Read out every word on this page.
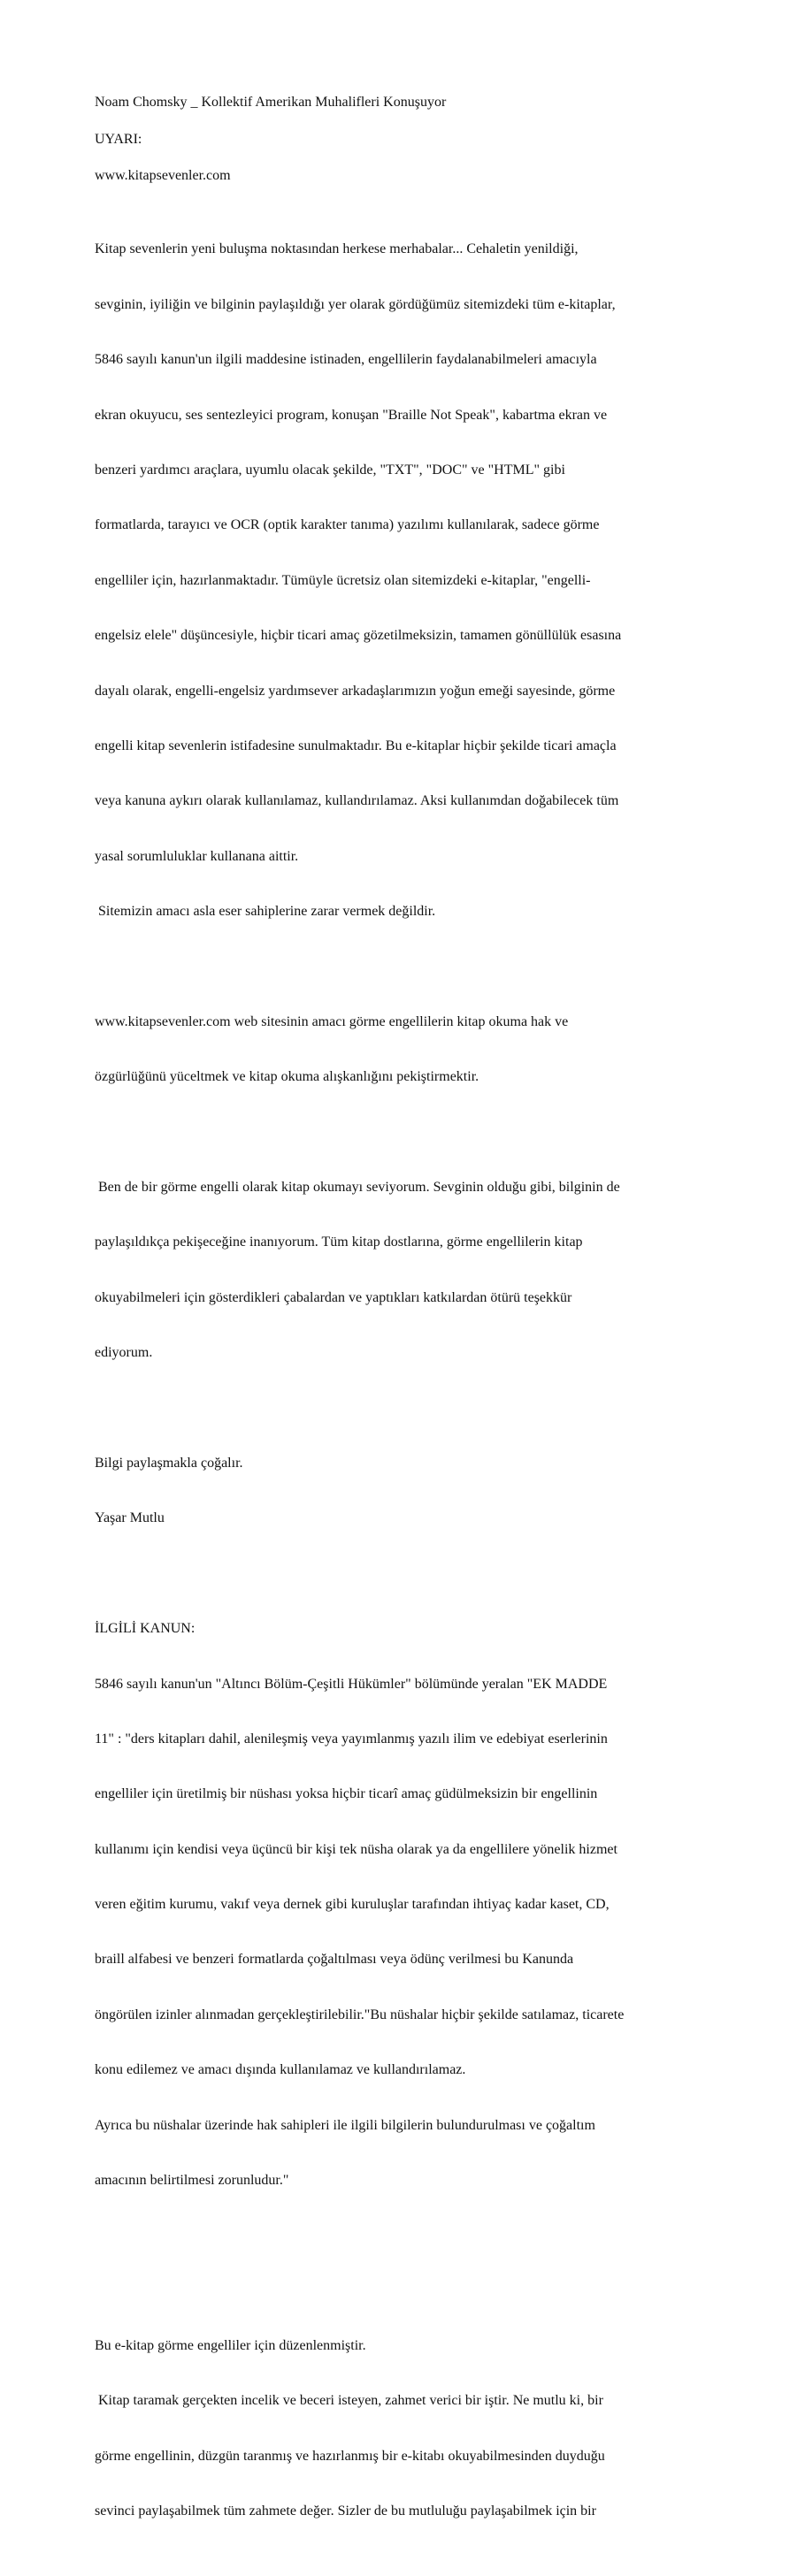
Noam Chomsky _ Kollektif Amerikan Muhalifleri Konuşuyor

UYARI:

www.kitapsevenler.com

Kitap sevenlerin yeni buluşma noktasından herkese merhabalar... Cehaletin yenildiği,

sevginin, iyiliğin ve bilginin paylaşıldığı yer olarak gördüğümüz sitemizdeki tüm e-kitaplar,

5846 sayılı kanun'un ilgili maddesine istinaden, engellilerin faydalanabilmeleri amacıyla

ekran okuyucu, ses sentezleyici program, konuşan "Braille Not Speak", kabartma ekran ve

benzeri yardımcı araçlara, uyumlu olacak şekilde, "TXT", "DOC" ve "HTML" gibi

formatlarda, tarayıcı ve OCR (optik karakter tanıma) yazılımı kullanılarak, sadece görme

engelliler için, hazırlanmaktadır. Tümüyle ücretsiz olan sitemizdeki e-kitaplar, "engelli-

engelsiz elele" düşüncesiyle, hiçbir ticari amaç gözetilmeksizin, tamamen gönüllülük esasına

dayalı olarak, engelli-engelsiz yardımsever arkadaşlarımızın yoğun emeği sayesinde, görme

engelli kitap sevenlerin istifadesine sunulmaktadır. Bu e-kitaplar hiçbir şekilde ticari amaçla

veya kanuna aykırı olarak kullanılamaz, kullandırılamaz. Aksi kullanımdan doğabilecek tüm

yasal sorumluluklar kullanana aittir.

Sitemizin amacı asla eser sahiplerine zarar vermek değildir.

www.kitapsevenler.com web sitesinin amacı görme engellilerin kitap okuma hak ve

özgürlüğünü yüceltmek ve kitap okuma alışkanlığını pekiştirmektir.

Ben de bir görme engelli olarak kitap okumayı seviyorum. Sevginin olduğu gibi, bilginin de

paylaşıldıkça pekişeceğine inanıyorum. Tüm kitap dostlarına, görme engellilerin kitap

okuyabilmeleri için gösterdikleri çabalardan ve yaptıkları katkılardan ötürü teşekkür

ediyorum.

Bilgi paylaşmakla çoğalır.

Yaşar Mutlu

İLGİLİ KANUN:

5846 sayılı kanun'un "Altıncı Bölüm-Çeşitli Hükümler" bölümünde yeralan "EK MADDE

11" : "ders kitapları dahil, alenileşmiş veya yayımlanmış yazılı ilim ve edebiyat eserlerinin

engelliler için üretilmiş bir nüshası yoksa hiçbir ticarî amaç güdülmeksizin bir engellinin

kullanımı için kendisi veya üçüncü bir kişi tek nüsha olarak ya da engellilere yönelik hizmet

veren eğitim kurumu, vakıf veya dernek gibi kuruluşlar tarafından ihtiyaç kadar kaset, CD,

braill alfabesi ve benzeri formatlarda çoğaltılması veya ödünç verilmesi bu Kanunda

öngörülen izinler alınmadan gerçekleştirilebilir."Bu nüshalar hiçbir şekilde satılamaz, ticarete

konu edilemez ve amacı dışında kullanılamaz ve kullandırılamaz.

Ayrıca bu nüshalar üzerinde hak sahipleri ile ilgili bilgilerin bulundurulması ve çoğaltım

amacının belirtilmesi zorunludur."

Bu e-kitap görme engelliler için düzenlenmiştir.

Kitap taramak gerçekten incelik ve beceri isteyen, zahmet verici bir iştir. Ne mutlu ki, bir

görme engellinin, düzgün taranmış ve hazırlanmış bir e-kitabı okuyabilmesinden duyduğu

sevinci paylaşabilmek tüm zahmete değer. Sizler de bu mutluluğu paylaşabilmek için bir
